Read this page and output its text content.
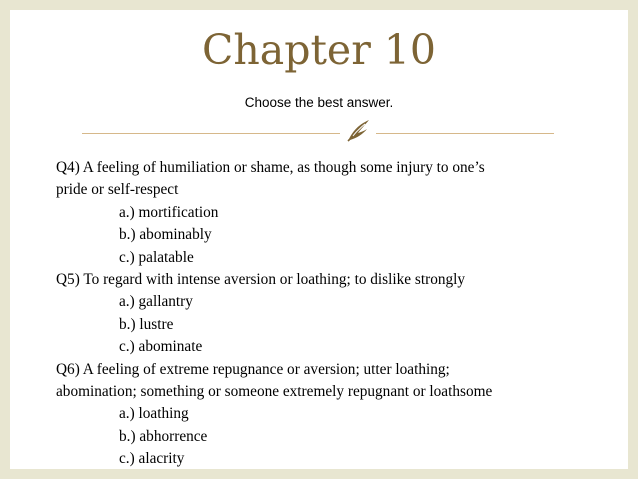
Chapter 10
Choose the best answer.
Q4) A feeling of humiliation or shame, as though some injury to one’s
pride or self-respect
a.) mortification
b.) abominably
c.) palatable
Q5) To regard with intense aversion or loathing; to dislike strongly
a.) gallantry
b.) lustre
c.) abominate
Q6) A feeling of extreme repugnance or aversion; utter loathing;
abomination; something or someone extremely repugnant or loathsome
a.) loathing
b.) abhorrence
c.) alacrity
